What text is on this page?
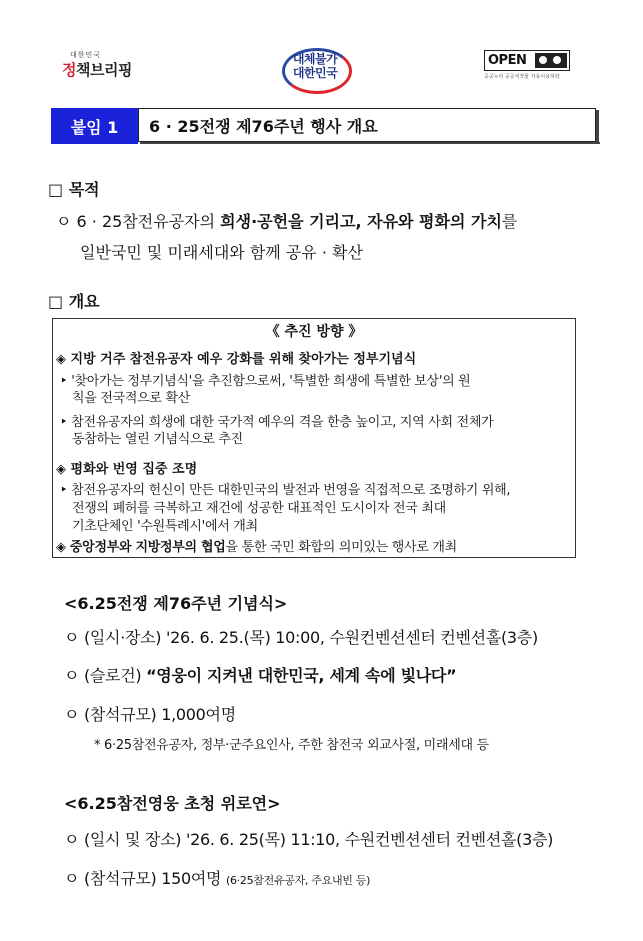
대한민국
정책브리핑
대체불가
대한민국
OPEN
공공누리 공공저작물 자유이용허락
붙임 1	6 · 25전쟁 제76주년 행사 개요
□ 목적
ㅇ 6 · 25참전유공자의 희생·공헌을 기리고, 자유와 평화의 가치를
일반국민 및 미래세대와 함께 공유 · 확산
□ 개요
《 추진 방향 》
◈ 지방 거주 참전유공자 예우 강화를 위해 찾아가는 정부기념식
‣ '찾아가는 정부기념식'을 추진함으로써, '특별한 희생에 특별한 보상'의 원
칙을 전국적으로 확산
‣ 참전유공자의 희생에 대한 국가적 예우의 격을 한층 높이고, 지역 사회 전체가
동참하는 열린 기념식으로 추진
◈ 평화와 번영 집중 조명
‣ 참전유공자의 헌신이 만든 대한민국의 발전과 번영을 직접적으로 조명하기 위해,
전쟁의 폐허를 극복하고 재건에 성공한 대표적인 도시이자 전국 최대
기초단체인 '수원특례시'에서 개최
◈ 중앙정부와 지방정부의 협업을 통한 국민 화합의 의미있는 행사로 개최
<6.25전쟁 제76주년 기념식>
ㅇ (일시·장소) '26. 6. 25.(목) 10:00, 수원컨벤션센터 컨벤션홀(3층)
ㅇ (슬로건) “영웅이 지켜낸 대한민국, 세계 속에 빛나다”
ㅇ (참석규모) 1,000여명
* 6·25참전유공자, 정부·군주요인사, 주한 참전국 외교사절, 미래세대 등
<6.25참전영웅 초청 위로연>
ㅇ (일시 및 장소) '26. 6. 25(목) 11:10, 수원컨벤션센터 컨벤션홀(3층)
ㅇ (참석규모) 150여명 (6·25참전유공자, 주요내빈 등)
